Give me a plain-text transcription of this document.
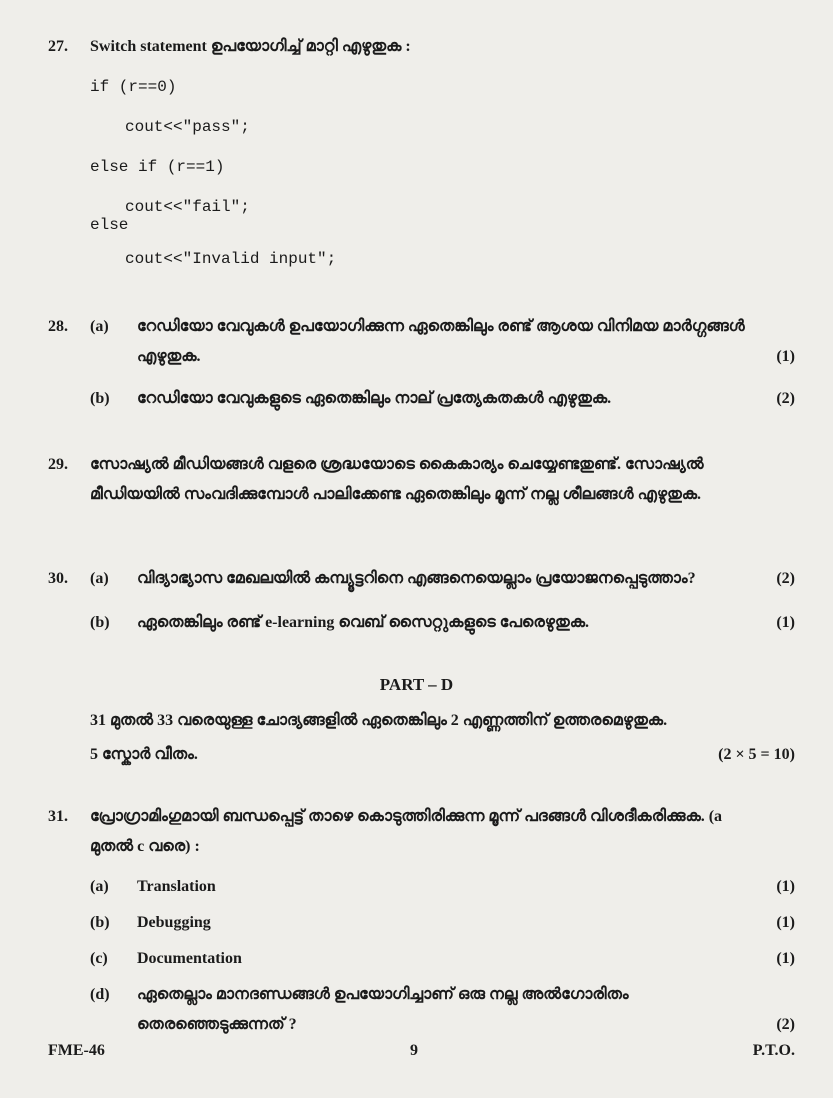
27. Switch statement ഉപയോഗിച്ച് മാറ്റി എഴുതുക :
if (r==0)
cout<<"pass";
else if (r==1)
cout<<"fail";
else
cout<<"Invalid input";
28. (a) റേഡിയോ വേവുകൾ ഉപയോഗിക്കുന്ന ഏതെങ്കിലും രണ്ട് ആശയ വിനിമയ മാർഗ്ഗങ്ങൾ എഴുതുക.	(1)
(b) റേഡിയോ വേവുകളുടെ ഏതെങ്കിലും നാല് പ്രത്യേകതകൾ എഴുതുക.	(2)
29. സോഷ്യൽ മീഡിയങ്ങൾ വളരെ ശ്രദ്ധയോടെ കൈകാര്യം ചെയ്യേണ്ടതുണ്ട്. സോഷ്യൽ മീഡിയയിൽ സംവദിക്കുമ്പോൾ പാലിക്കേണ്ട ഏതെങ്കിലും മൂന്ന് നല്ല ശീലങ്ങൾ എഴുതുക.
30. (a) വിദ്യാഭ്യാസ മേഖലയിൽ കമ്പ്യൂട്ടറിനെ എങ്ങനെയെല്ലാം പ്രയോജനപ്പെടുത്താം?	(2)
(b) ഏതെങ്കിലും രണ്ട് e-learning വെബ് സൈറ്റുകളുടെ പേരെഴുതുക.	(1)
PART – D
31 മുതൽ 33 വരെയുള്ള ചോദ്യങ്ങളിൽ ഏതെങ്കിലും 2 എണ്ണത്തിന് ഉത്തരമെഴുതുക.
5 സ്കോർ വീതം.	(2 × 5 = 10)
31. പ്രോഗ്രാമിംഗുമായി ബന്ധപ്പെട്ട് താഴെ കൊടുത്തിരിക്കുന്ന മൂന്ന് പദങ്ങൾ വിശദീകരിക്കുക. (a മുതൽ c വരെ) :
(a) Translation	(1)
(b) Debugging	(1)
(c) Documentation	(1)
(d) ഏതെല്ലാം മാനദണ്ഡങ്ങൾ ഉപയോഗിച്ചാണ് ഒരു നല്ല അൽഗോരിതം തെരഞ്ഞെടുക്കുന്നത് ?	(2)
FME-46	9	P.T.O.
